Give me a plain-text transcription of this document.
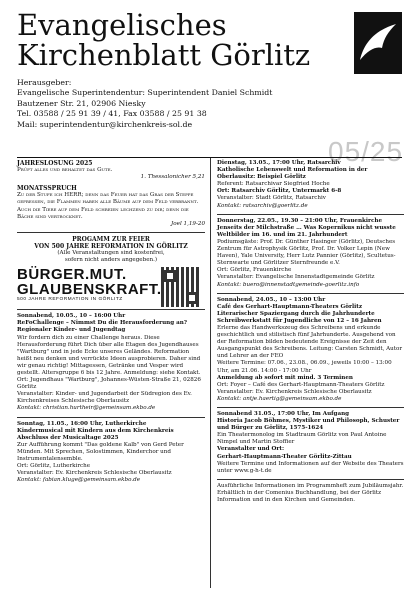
Evangelisches
Kirchenblatt Görlitz
Herausgeber:
Evangelische Superintendentur: Superintendent Daniel Schmidt
Bautzener Str. 21, 02906 Niesky
Tel. 03588 / 25 91 39 / 41, Fax 03588 / 25 91 38
Mail: superintendentur@kirchenkreis-sol.de
05/25
JAHRESLOSUNG 2025
Prüft alles und behaltet das Gute.
1. Thessalonicher 5,21
MONATSSPRUCH
Zu der Stufe ich HERR; denn das Feuer hat das Gras der Steppe gefressen, die Flammen haben alle Bäume auf dem Feld verbrannt. Auch die Tiere auf dem Feld schreien lechzend zu dir; denn die Bäche sind vertrocknet.
Joel 1,19-20
PROGAMM ZUR FEIER
VON 500 JAHRE REFORMATION IN GÖRLITZ
(Alle Veranstaltungen sind kostenfrei,
sofern nicht anders angegeben.)
BÜRGER.MUT.
GLAUBENSKRAFT.
500 JAHRE REFORMATION IN GÖRLITZ
Sonnabend, 10.05., 10 – 16:00 Uhr
ReFoChallenge – Nimmst Du die Herausforderung an? Regionaler Kinder- und Jugendtag
Wir fordern dich zu einer Challenge heraus. Diese Herausforderung führt Dich über alle Etagen des Jugendhauses "Wartburg" und in jede Ecke unseres Geländes. Reformation heißt neu denken und verrückte Ideen ausprobieren. Daher sind wir genau richtig! Mittagessen, Getränke und Vesper wird gestellt. Altersgruppe 6 bis 12 Jahre. Anmeldung: siehe Kontakt.
Ort: Jugendhaus "Wartburg", Johannes-Wüsten-Straße 21, 02826 Görlitz
Veranstalter: Kinder- und Jugendarbeit der Südregion des Ev. Kirchenkreises Schlesische Oberlausitz
Kontakt: christian.hurtheir@gemeinsam.ekbo.de
Sonntag, 11.05., 16:00 Uhr, Lutherkirche
Kindermusical mit Kindern aus dem Kirchenkreis Abschluss der Musicaltage 2025
Zur Aufführung kommt "Das goldene Kalb" von Gerd Peter Münden. Mit Sprechen, Solostimmen, Kinderchor und Instrumentalensemble.
Ort: Görlitz, Lutherkirche
Veranstalter: Ev. Kirchenkreis Schlesische Oberlausitz
Kontakt: fabian.kluge@gemeinsam.ekbo.de
Dienstag, 13.05., 17:00 Uhr, Ratsarchiv
Katholische Lebenswelt und Reformation in der Oberlausitz: Beispiel Görlitz
Referent: Ratsarchivar Siegfried Hoche
Ort: Ratsarchiv Görlitz, Untermarkt 6-8
Veranstalter: Stadt Görlitz, Ratsarchiv
Kontakt: ratsarchiv@goerlitz.de
Donnerstag, 22.05., 19.30 – 21:00 Uhr, Frauenkirche
Jenseits der Milchstraße … Was Kopernikus nicht wusste Weltbilder im 16. und im 21. Jahrhundert
Podiumsgäste: Prof. Dr. Günther Hasinger (Görlitz), Deutsches Zentrum für Astrophysik Görlitz, Prof. Dr. Volker Lepin (New Haven), Yale University, Herr Lutz Pannier (Görlitz), Scultetus-Sternwarte und Görlitzer Sternfreunde e.V.
Ort: Görlitz, Frauenkirche
Veranstalter: Evangelische Innenstadtgemeinde Görlitz
Kontakt: buero@innenstadtgemeinde-goerlitz.info
Sonnabend, 24.05., 10 – 13:00 Uhr
Café des Gerhart-Hauptmann-Theaters Görlitz Literarischer Spaziergang durch die Jahrhunderte Schreibwerkstatt für Jugendliche von 12 – 16 Jahren
Erlerne das Handwerkszeug des Schreibens und erkunde geschichtlich und stilistisch fünf Jahrhunderte. Ausgehend von der Reformation bilden bedeutende Ereignisse der Zeit den Ausgangspunkt des Schreibens. Leitung: Carsten Schmidt, Autor und Lehrer an der FEO
Weitere Termine: 07.06., 23.08., 06.09., jeweils 10:00 – 13:00 Uhr, am 21.06. 14:00 - 17:00 Uhr
Anmeldung ab sofort mit mind. 3 Terminen
Ort: Foyer – Café des Gerhart-Hauptmann-Theaters Görlitz
Veranstalter: Ev. Kirchenkreis Schlesische Oberlausitz
Kontakt: antje.haertig@gemeinsam.ekbo.de
Sonnabend 31.05., 17:00 Uhr, Im Aufgang
Historia Jacob Böhmes, Mystiker und Philosoph, Schuster und Bürger zu Görlitz, 1575-1624
Ein Theatermonolog im Stadtraum Görlitz von Paul Antoine Nimpel und Martin Stoffier
Veranstalter und Ort:
Gerhart-Hauptmann-Theater Görlitz-Zittau
Weitere Termine und Informationen auf der Website des Theaters unter www.g-h-t.de
Ausführliche Informationen im Programmheft zum Jubiläumsjahr. Erhältlich in der Comenius Buchhandlung, bei der Görlitz Information und in den Kirchen und Gemeinden.
